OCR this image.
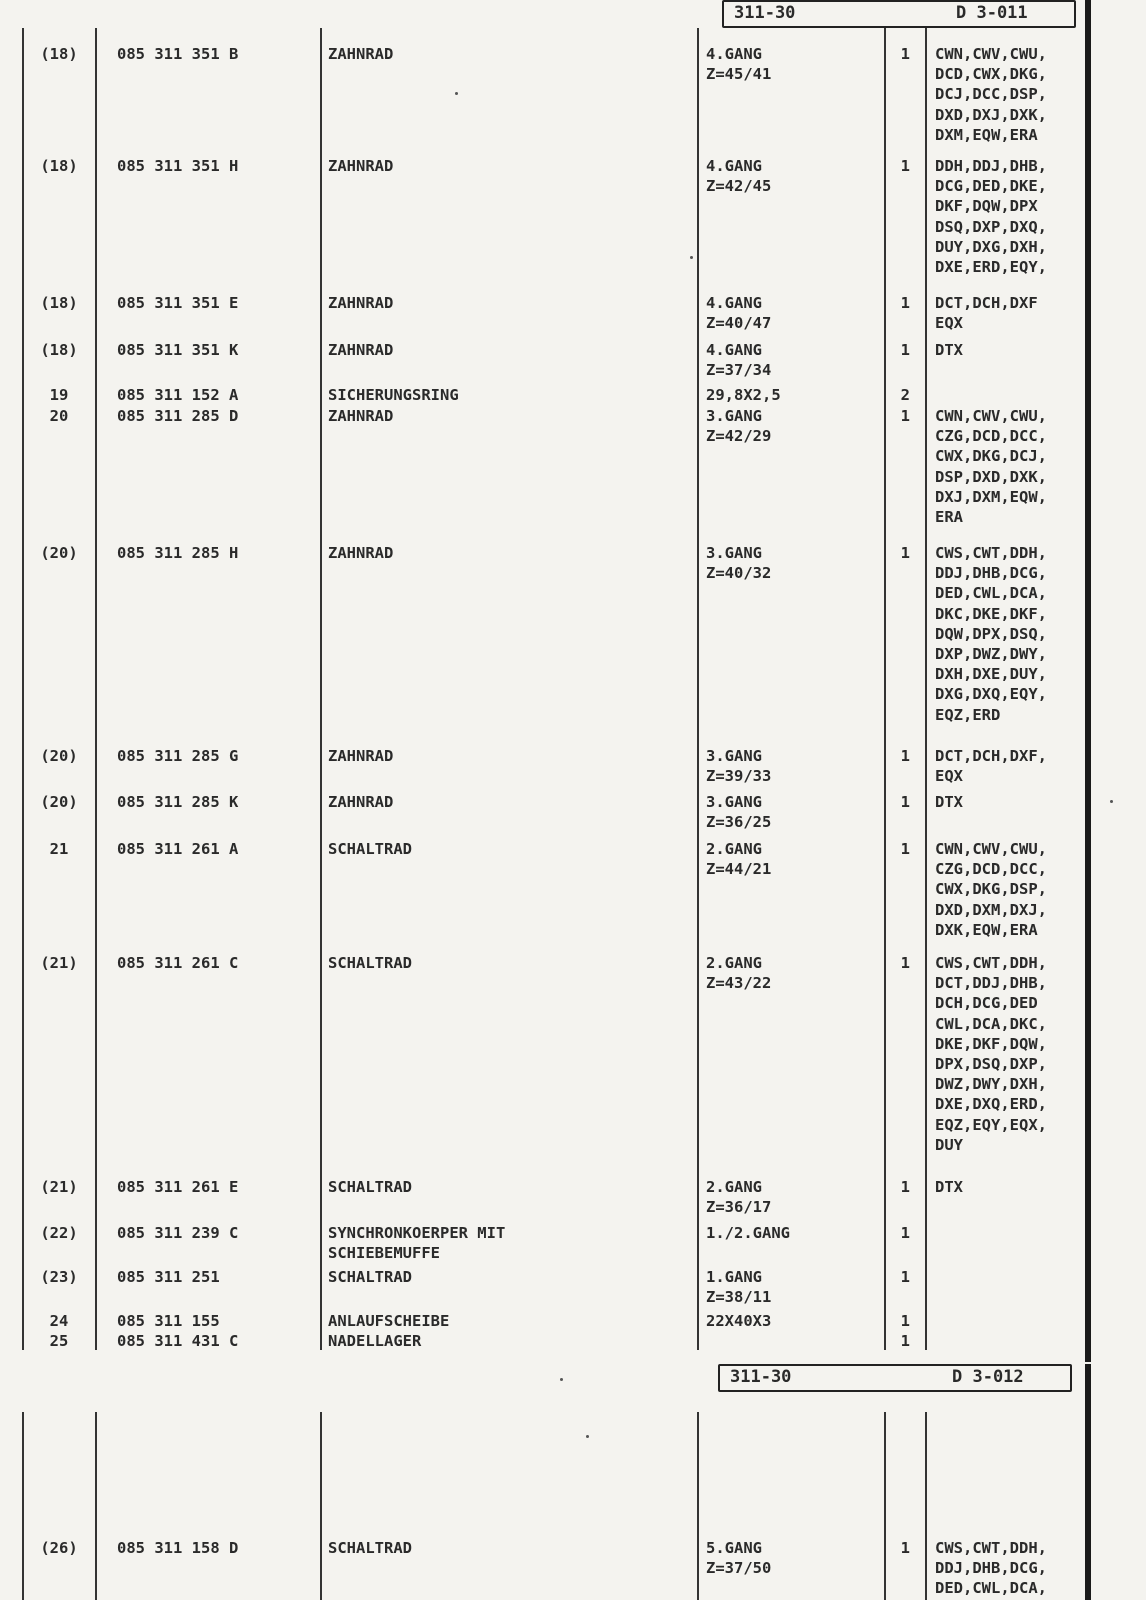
311-30	D 3-011
311-30	D 3-012
(18)	085 311 351 B	ZAHNRAD	4.GANG
Z=45/41
1 CWN,CWV,CWU,
DCD,CWX,DKG,
DCJ,DCC,DSP,
DXD,DXJ,DXK,
DXM,EQW,ERA
(18)	085 311 351 H	ZAHNRAD	4.GANG
Z=42/45
1 DDH,DDJ,DHB,
DCG,DED,DKE,
DKF,DQW,DPX
DSQ,DXP,DXQ,
DUY,DXG,DXH,
DXE,ERD,EQY,
(18)	085 311 351 E	ZAHNRAD	4.GANG
Z=40/47
1 DCT,DCH,DXF
EQX
(18)	085 311 351 K	ZAHNRAD	4.GANG
Z=37/34
1 DTX
19	085 311 152 A	SICHERUNGSRING	29,8X2,5	2
20	085 311 285 D	ZAHNRAD	3.GANG
Z=42/29
1 CWN,CWV,CWU,
CZG,DCD,DCC,
CWX,DKG,DCJ,
DSP,DXD,DXK,
DXJ,DXM,EQW,
ERA
(20)	085 311 285 H	ZAHNRAD	3.GANG
Z=40/32
1 CWS,CWT,DDH,
DDJ,DHB,DCG,
DED,CWL,DCA,
DKC,DKE,DKF,
DQW,DPX,DSQ,
DXP,DWZ,DWY,
DXH,DXE,DUY,
DXG,DXQ,EQY,
EQZ,ERD
(20)	085 311 285 G	ZAHNRAD	3.GANG
Z=39/33
1 DCT,DCH,DXF,
EQX
(20)	085 311 285 K	ZAHNRAD	3.GANG
Z=36/25
1 DTX
21	085 311 261 A	SCHALTRAD	2.GANG
Z=44/21
1 CWN,CWV,CWU,
CZG,DCD,DCC,
CWX,DKG,DSP,
DXD,DXM,DXJ,
DXK,EQW,ERA
(21)	085 311 261 C	SCHALTRAD	2.GANG
Z=43/22
1 CWS,CWT,DDH,
DCT,DDJ,DHB,
DCH,DCG,DED
CWL,DCA,DKC,
DKE,DKF,DQW,
DPX,DSQ,DXP,
DWZ,DWY,DXH,
DXE,DXQ,ERD,
EQZ,EQY,EQX,
DUY
(21)	085 311 261 E	SCHALTRAD	2.GANG
Z=36/17
1 DTX
(22)	085 311 239 C	SYNCHRONKOERPER MIT
SCHIEBEMUFFE
1./2.GANG	1
(23)	085 311 251	SCHALTRAD	1.GANG
Z=38/11
1
24	085 311 155	ANLAUFSCHEIBE	22X40X3	1
25	085 311 431 C	NADELLAGER	1
(26)	085 311 158 D	SCHALTRAD	5.GANG
Z=37/50
1 CWS,CWT,DDH,
DDJ,DHB,DCG,
DED,CWL,DCA,
